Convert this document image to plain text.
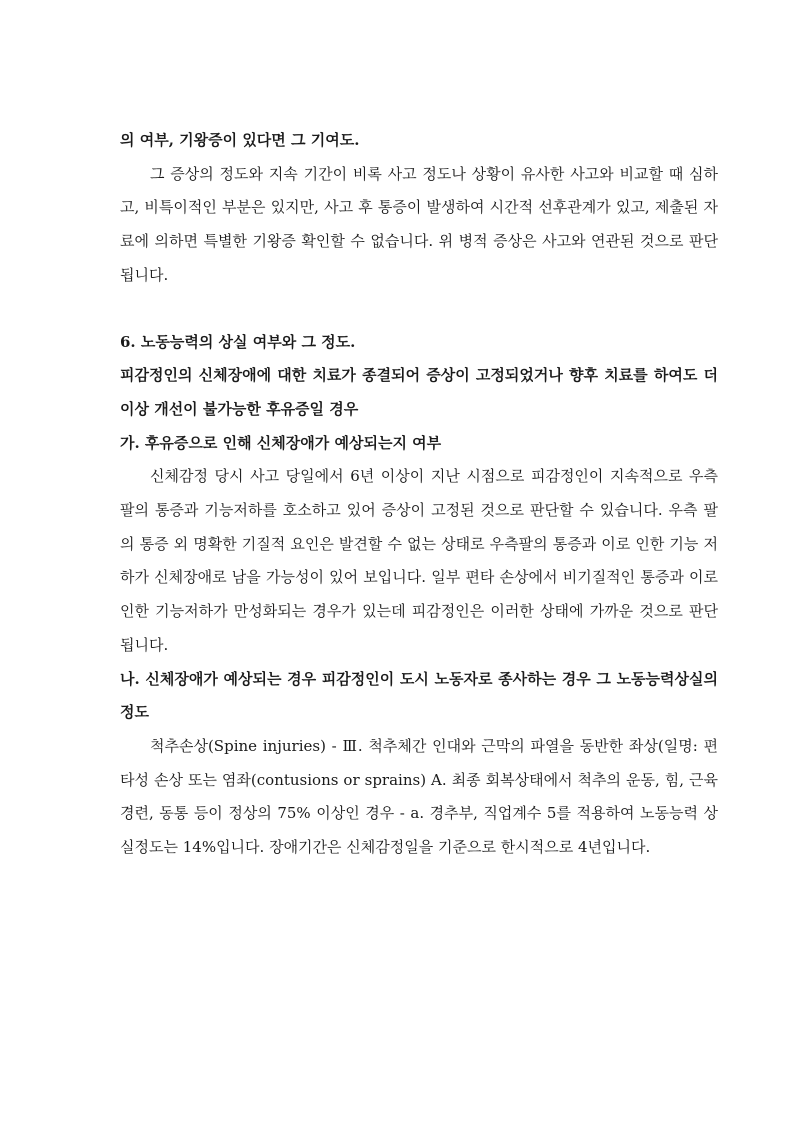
의 여부, 기왕증이 있다면 그 기여도.

그 증상의 정도와 지속 기간이 비록 사고 정도나 상황이 유사한 사고와 비교할 때 심하고, 비특이적인 부분은 있지만, 사고 후 통증이 발생하여 시간적 선후관계가 있고, 제출된 자료에 의하면 특별한 기왕증 확인할 수 없습니다. 위 병적 증상은 사고와 연관된 것으로 판단됩니다.

6. 노동능력의 상실 여부와 그 정도.

피감정인의 신체장애에 대한 치료가 종결되어 증상이 고정되었거나 향후 치료를 하여도 더 이상 개선이 불가능한 후유증일 경우

가. 후유증으로 인해 신체장애가 예상되는지 여부

신체감정 당시 사고 당일에서 6년 이상이 지난 시점으로 피감정인이 지속적으로 우측 팔의 통증과 기능저하를 호소하고 있어 증상이 고정된 것으로 판단할 수 있습니다. 우측 팔의 통증 외 명확한 기질적 요인은 발견할 수 없는 상태로 우측팔의 통증과 이로 인한 기능 저하가 신체장애로 남을 가능성이 있어 보입니다. 일부 편타 손상에서 비기질적인 통증과 이로 인한 기능저하가 만성화되는 경우가 있는데 피감정인은 이러한 상태에 가까운 것으로 판단됩니다.

나. 신체장애가 예상되는 경우 피감정인이 도시 노동자로 종사하는 경우 그 노동능력상실의 정도

척추손상(Spine injuries) - Ⅲ. 척추체간 인대와 근막의 파열을 동반한 좌상(일명: 편타성 손상 또는 염좌(contusions or sprains) A. 최종 회복상태에서 척추의 운동, 힘, 근육경련, 동통 등이 정상의 75% 이상인 경우 - a. 경추부, 직업계수 5를 적용하여 노동능력 상실정도는 14%입니다. 장애기간은 신체감정일을 기준으로 한시적으로 4년입니다.
